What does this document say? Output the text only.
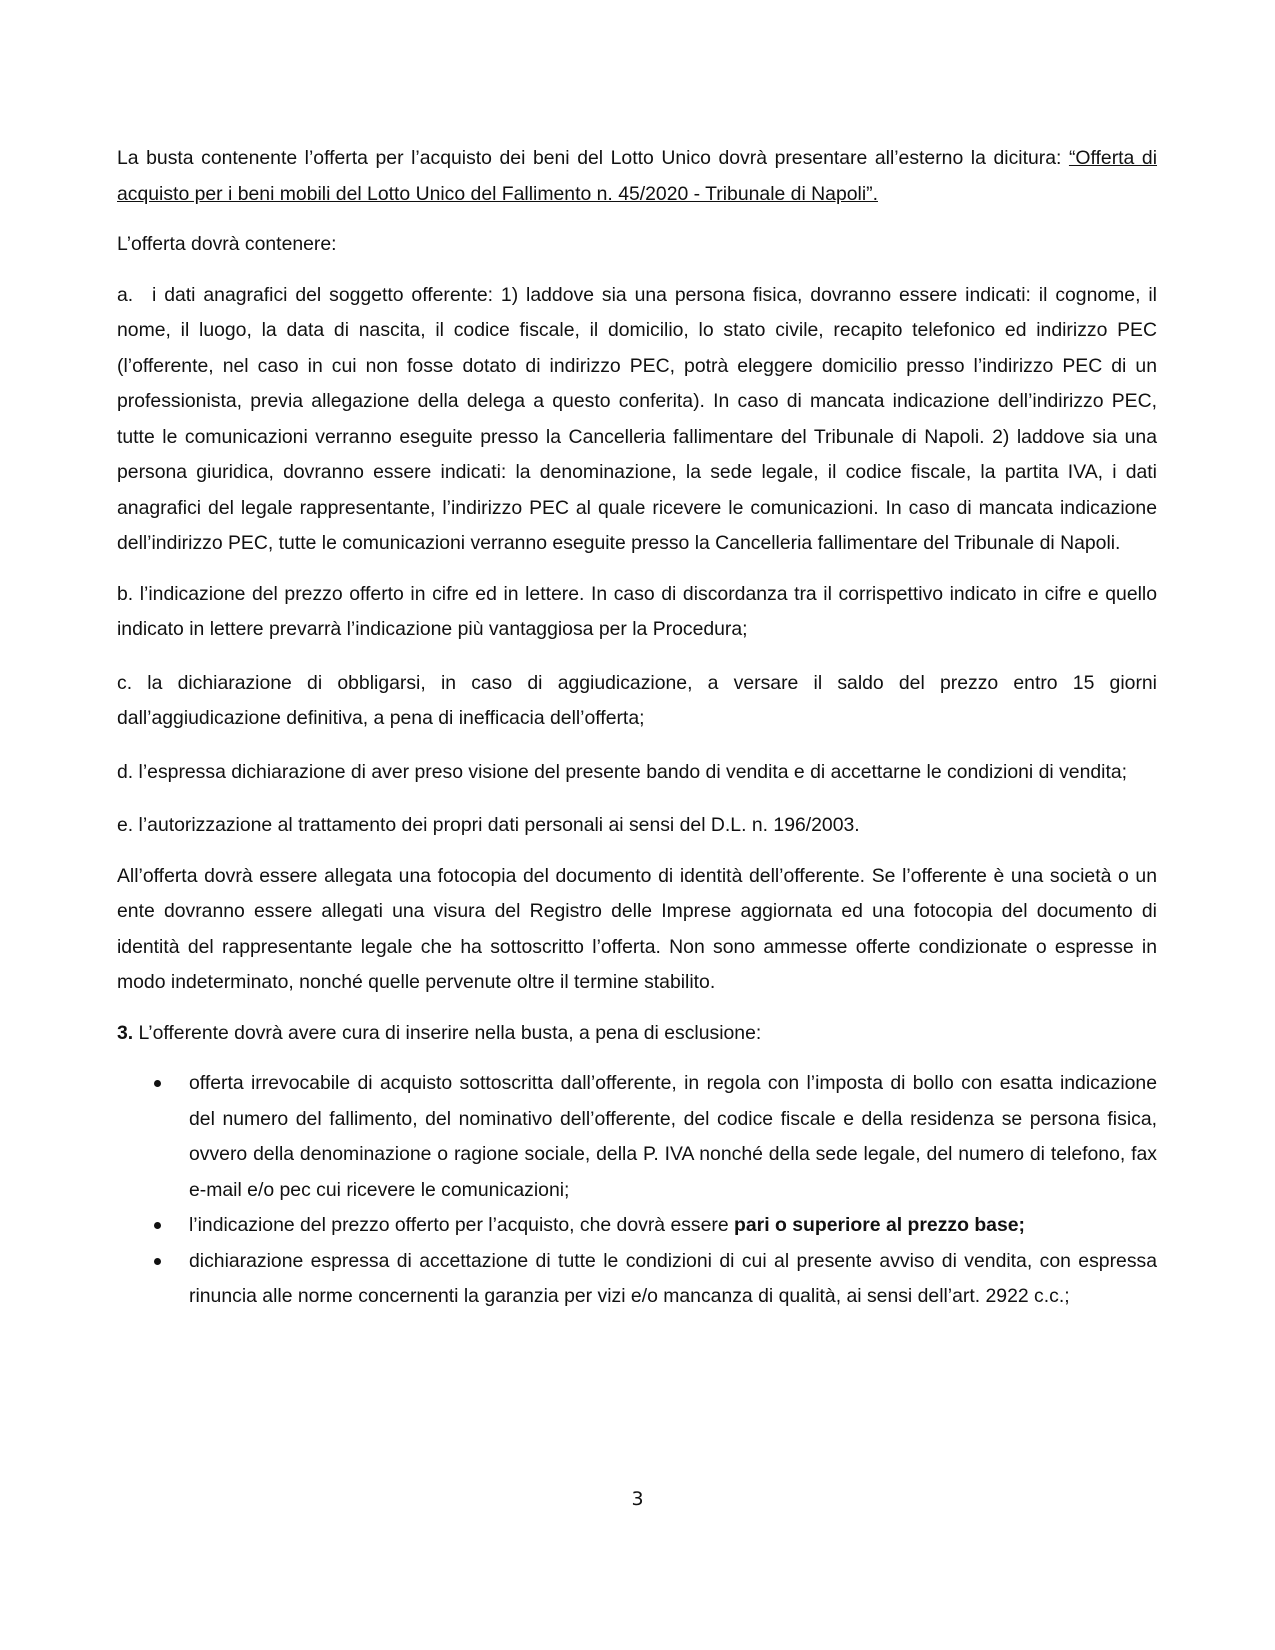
La busta contenente l’offerta per l’acquisto dei beni del Lotto Unico dovrà presentare all’esterno la dicitura: “Offerta di acquisto per i beni mobili del Lotto Unico del Fallimento n. 45/2020 - Tribunale di Napoli”.

L’offerta dovrà contenere:

a. i dati anagrafici del soggetto offerente: 1) laddove sia una persona fisica, dovranno essere indicati: il cognome, il nome, il luogo, la data di nascita, il codice fiscale, il domicilio, lo stato civile, recapito telefonico ed indirizzo PEC (l’offerente, nel caso in cui non fosse dotato di indirizzo PEC, potrà eleggere domicilio presso l’indirizzo PEC di un professionista, previa allegazione della delega a questo conferita). In caso di mancata indicazione dell’indirizzo PEC, tutte le comunicazioni verranno eseguite presso la Cancelleria fallimentare del Tribunale di Napoli. 2) laddove sia una persona giuridica, dovranno essere indicati: la denominazione, la sede legale, il codice fiscale, la partita IVA, i dati anagrafici del legale rappresentante, l’indirizzo PEC al quale ricevere le comunicazioni. In caso di mancata indicazione dell’indirizzo PEC, tutte le comunicazioni verranno eseguite presso la Cancelleria fallimentare del Tribunale di Napoli.

b. l’indicazione del prezzo offerto in cifre ed in lettere. In caso di discordanza tra il corrispettivo indicato in cifre e quello indicato in lettere prevarrà l’indicazione più vantaggiosa per la Procedura;

c. la dichiarazione di obbligarsi, in caso di aggiudicazione, a versare il saldo del prezzo entro 15 giorni dall’aggiudicazione definitiva, a pena di inefficacia dell’offerta;

d. l’espressa dichiarazione di aver preso visione del presente bando di vendita e di accettarne le condizioni di vendita;

e. l’autorizzazione al trattamento dei propri dati personali ai sensi del D.L. n. 196/2003.

All’offerta dovrà essere allegata una fotocopia del documento di identità dell’offerente. Se l’offerente è una società o un ente dovranno essere allegati una visura del Registro delle Imprese aggiornata ed una fotocopia del documento di identità del rappresentante legale che ha sottoscritto l’offerta. Non sono ammesse offerte condizionate o espresse in modo indeterminato, nonché quelle pervenute oltre il termine stabilito.

3. L’offerente dovrà avere cura di inserire nella busta, a pena di esclusione:

offerta irrevocabile di acquisto sottoscritta dall’offerente, in regola con l’imposta di bollo con esatta indicazione del numero del fallimento, del nominativo dell’offerente, del codice fiscale e della residenza se persona fisica, ovvero della denominazione o ragione sociale, della P. IVA nonché della sede legale, del numero di telefono, fax e-mail e/o pec cui ricevere le comunicazioni;
l’indicazione del prezzo offerto per l’acquisto, che dovrà essere pari o superiore al prezzo base;
dichiarazione espressa di accettazione di tutte le condizioni di cui al presente avviso di vendita, con espressa rinuncia alle norme concernenti la garanzia per vizi e/o mancanza di qualità, ai sensi dell’art. 2922 c.c.;
3
